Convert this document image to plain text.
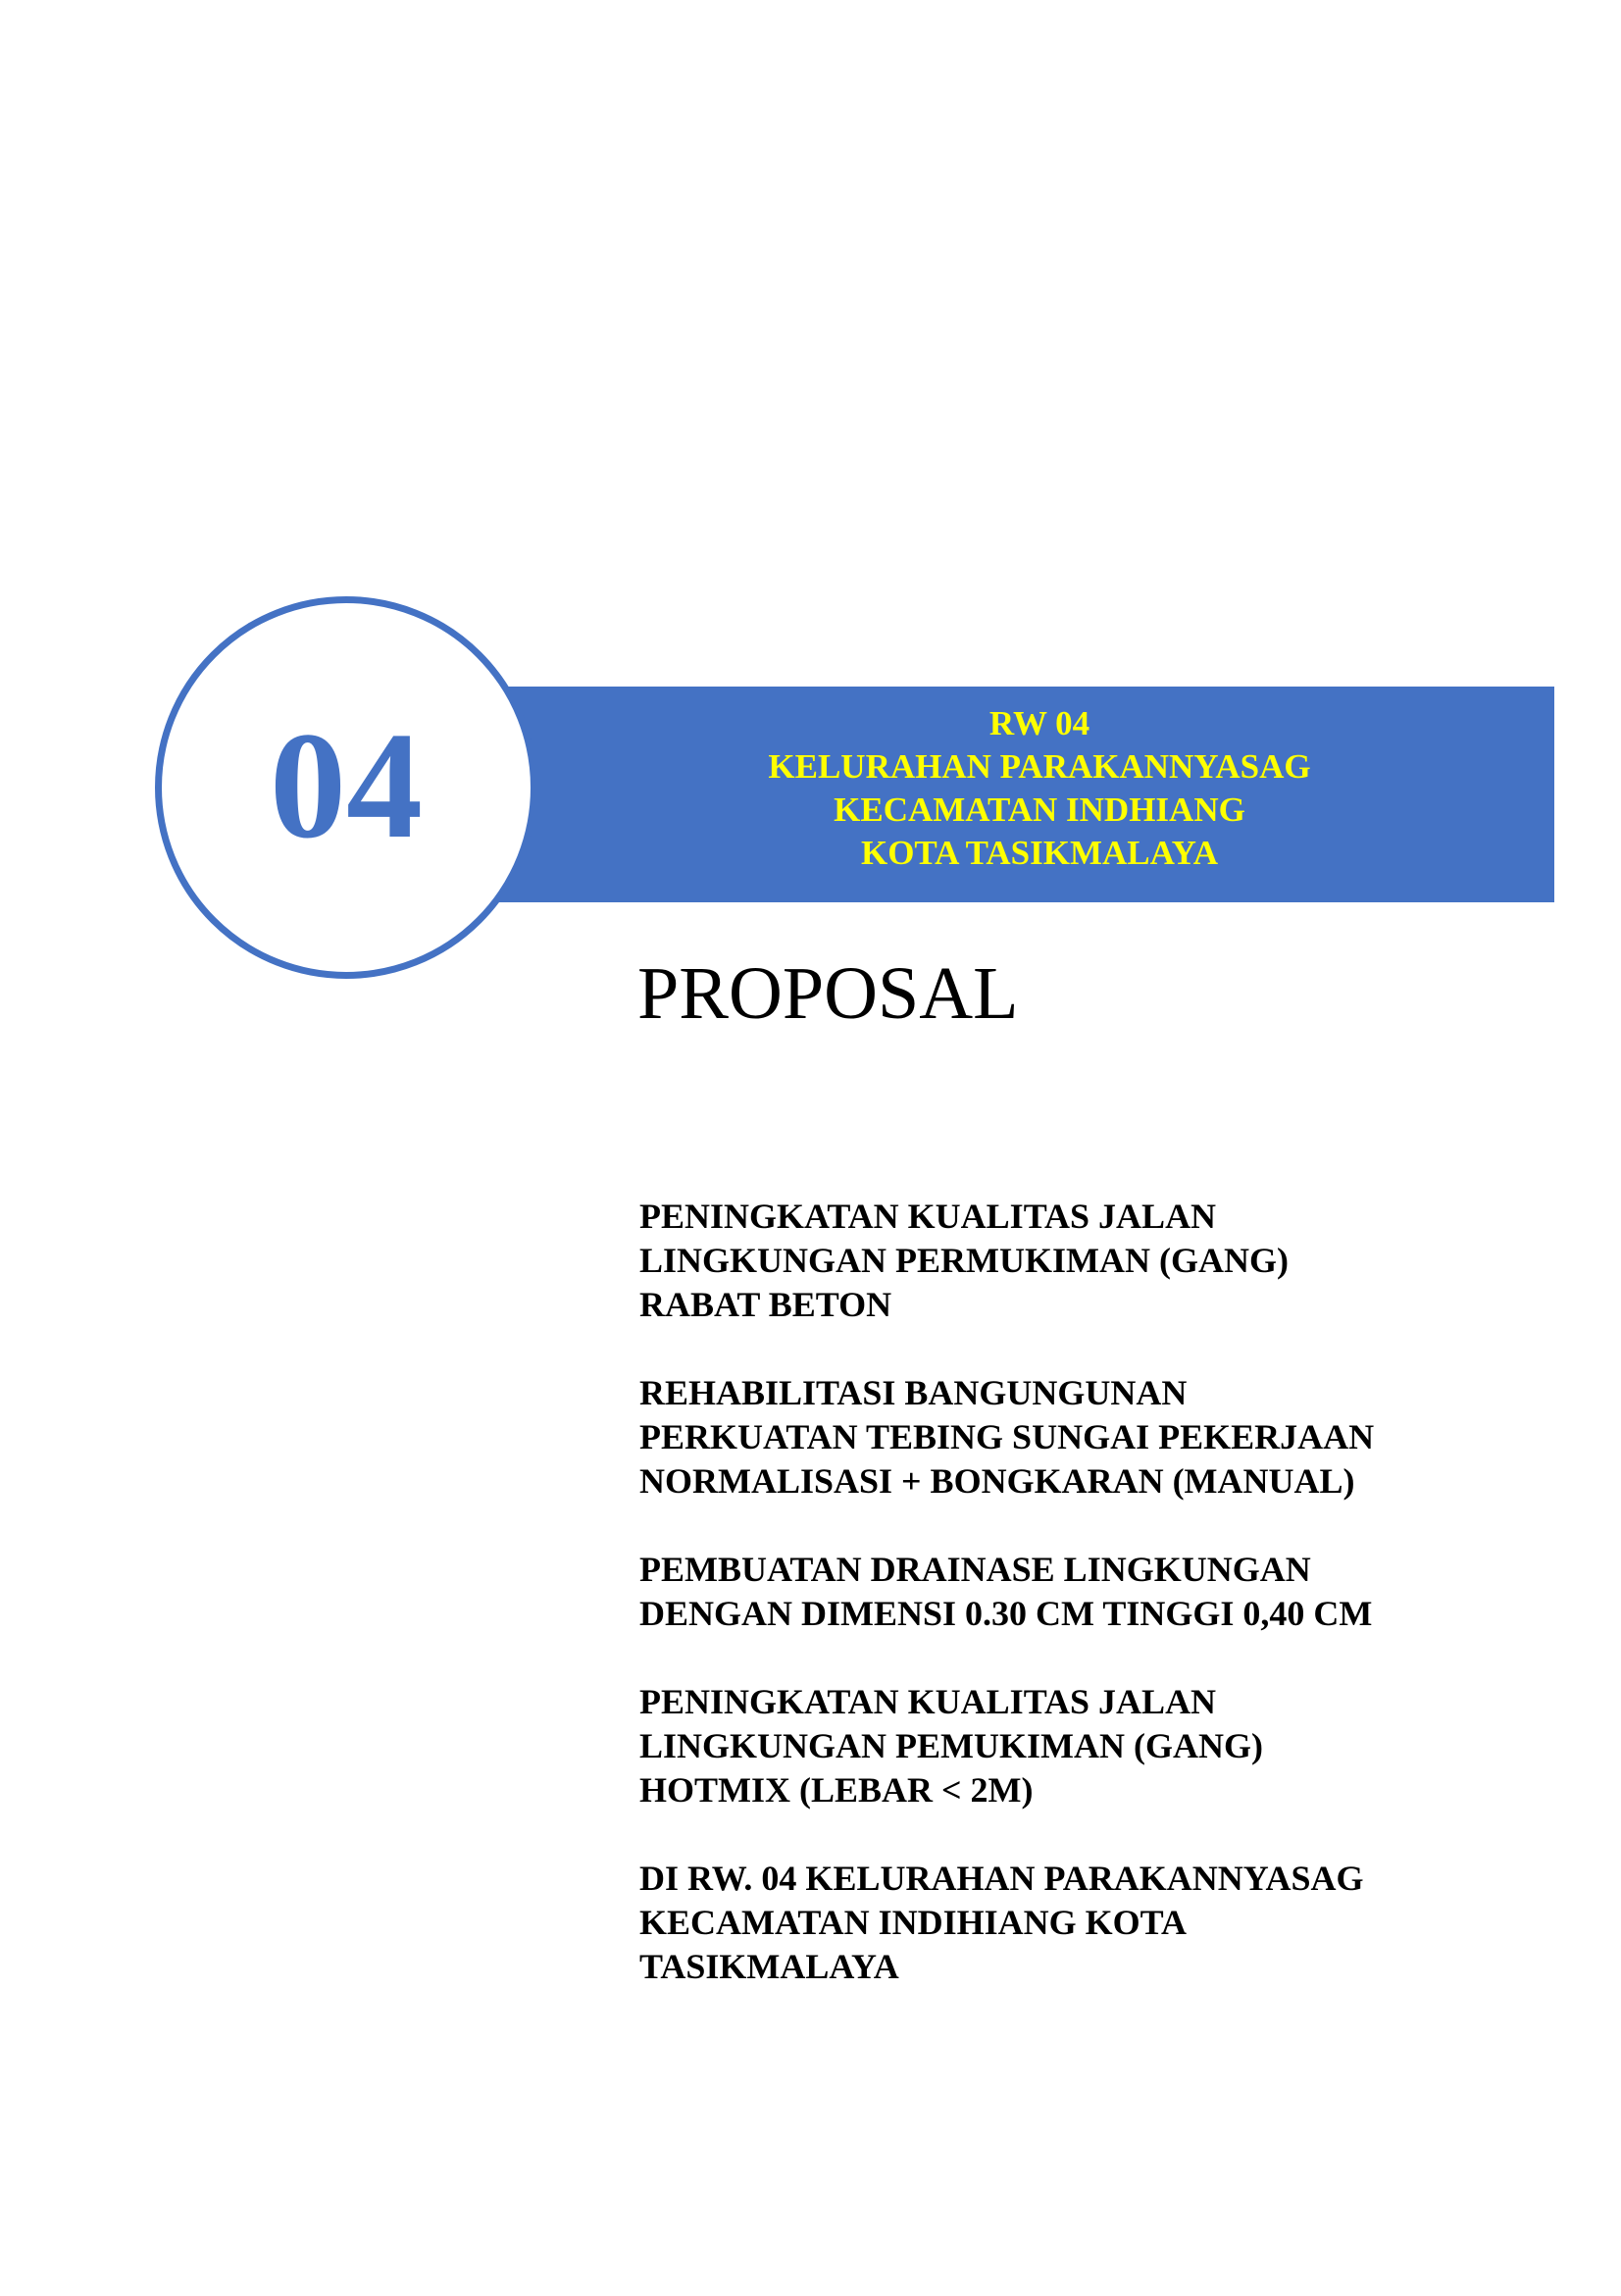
RW 04
KELURAHAN PARAKANNYASAG
KECAMATAN INDHIANG
KOTA TASIKMALAYA
04
PROPOSAL
PENINGKATAN KUALITAS JALAN
LINGKUNGAN PERMUKIMAN (GANG)
RABAT BETON
REHABILITASI BANGUNGUNAN
PERKUATAN TEBING SUNGAI PEKERJAAN
NORMALISASI + BONGKARAN (MANUAL)
PEMBUATAN DRAINASE LINGKUNGAN
DENGAN DIMENSI 0.30 CM TINGGI 0,40 CM
PENINGKATAN KUALITAS JALAN
LINGKUNGAN PEMUKIMAN (GANG)
HOTMIX (LEBAR < 2M)
DI RW. 04 KELURAHAN PARAKANNYASAG
KECAMATAN INDIHIANG KOTA
TASIKMALAYA
